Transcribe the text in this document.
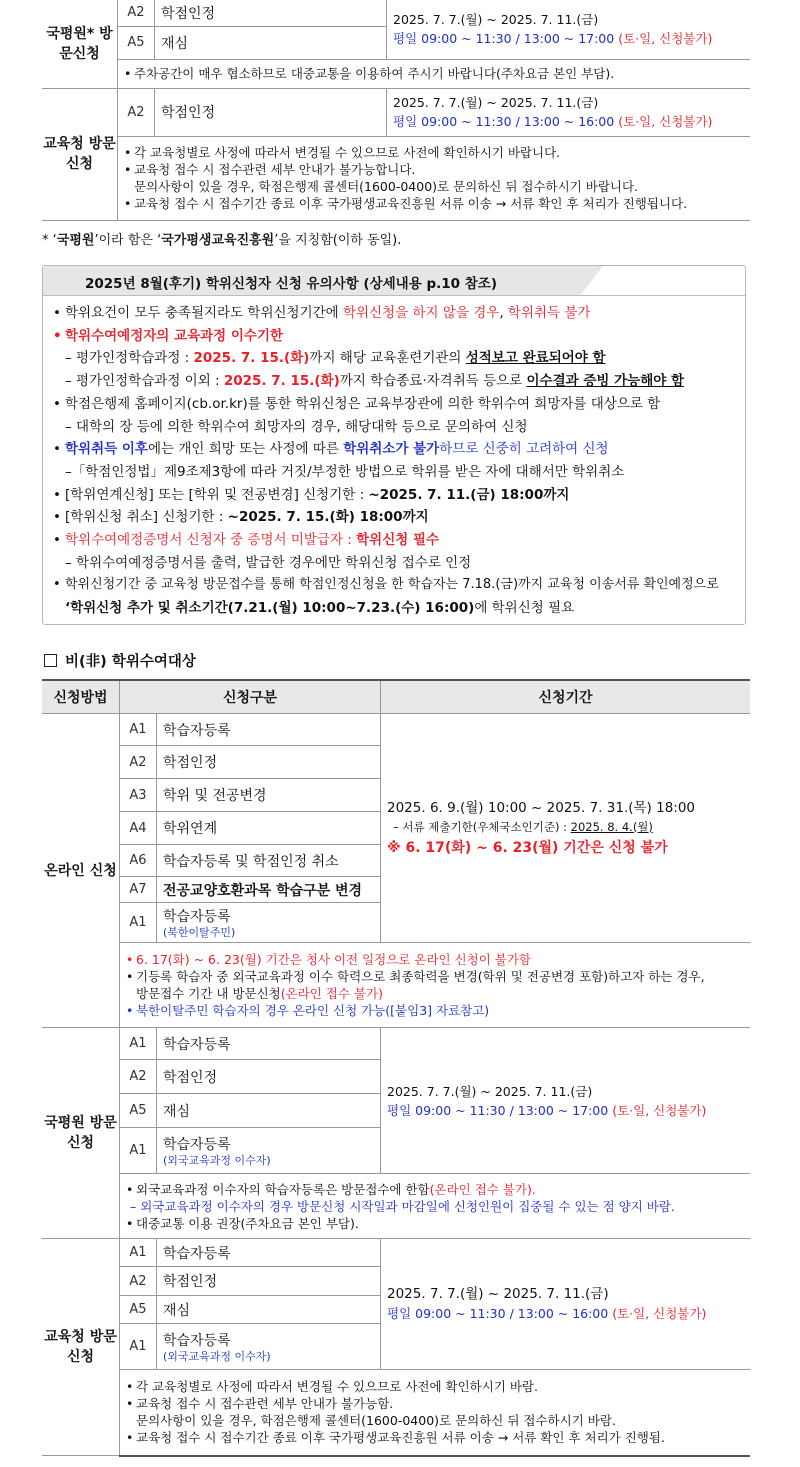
국평원* 방문신청	A2	학점인정	2025. 7. 7.(월) ~ 2025. 7. 11.(금)
평일 09:00 ~ 11:30 / 13:00 ~ 17:00 (토·일, 신청불가)

	A5	재심	

	• 주차공간이 매우 협소하므로 대중교통을 이용하여 주시기 바랍니다(주차요금 본인 부담).

교육청 방문신청	A2	학점인정	2025. 7. 7.(월) ~ 2025. 7. 11.(금)
평일 09:00 ~ 11:30 / 13:00 ~ 16:00 (토·일, 신청불가)

	• 각 교육청별로 사정에 따라서 변경될 수 있으므로 사전에 확인하시기 바랍니다.
• 교육청 접수 시 접수관련 세부 안내가 불가능합니다.
문의사항이 있을 경우, 학점은행제 콜센터(1600-0400)로 문의하신 뒤 접수하시기 바랍니다.
• 교육청 접수 시 접수기간 종료 이후 국가평생교육진흥원 서류 이송 → 서류 확인 후 처리가 진행됩니다.
* ‘국평원’이라 함은 ‘국가평생교육진흥원’을 지칭함(이하 동일).
2025년 8월(후기) 학위신청자 신청 유의사항 (상세내용 p.10 참조)
• 학위요건이 모두 충족될지라도 학위신청기간에 학위신청을 하지 않을 경우, 학위취득 불가
• 학위수여예정자의 교육과정 이수기한
– 평가인정학습과정 : 2025. 7. 15.(화)까지 해당 교육훈련기관의 성적보고 완료되어야 함
– 평가인정학습과정 이외 : 2025. 7. 15.(화)까지 학습종료·자격취득 등으로 이수결과 증빙 가능해야 함
• 학점은행제 홈페이지(cb.or.kr)를 통한 학위신청은 교육부장관에 의한 학위수여 희망자를 대상으로 함
– 대학의 장 등에 의한 학위수여 희망자의 경우, 해당대학 등으로 문의하여 신청
• 학위취득 이후에는 개인 희망 또는 사정에 따른 학위취소가 불가하므로 신중히 고려하여 신청
–「학점인정법」제9조제3항에 따라 거짓/부정한 방법으로 학위를 받은 자에 대해서만 학위취소
• [학위연계신청] 또는 [학위 및 전공변경] 신청기한 : ~2025. 7. 11.(금) 18:00까지
• [학위신청 취소] 신청기한 : ~2025. 7. 15.(화) 18:00까지
• 학위수여예정증명서 신청자 중 증명서 미발급자 : 학위신청 필수
– 학위수여예정증명서를 출력, 발급한 경우에만 학위신청 접수로 인정
• 학위신청기간 중 교육청 방문접수를 통해 학점인정신청을 한 학습자는 7.18.(금)까지 교육청 이송서류 확인예정으로
‘학위신청 추가 및 취소기간(7.21.(월) 10:00~7.23.(수) 16:00)에 학위신청 필요
비(非) 학위수여대상
신청방법	신청구분		신청기간
온라인 신청	A1	학습자등록	2025. 6. 9.(월) 10:00 ~ 2025. 7. 31.(목) 18:00
– 서류 제출기한(우체국소인기준) : 2025. 8. 4.(월)
※ 6. 17(화) ~ 6. 23(월) 기간은 신청 불가

	A2	학점인정	
	A3	학위 및 전공변경	
	A4	학위연계	
	A6	학습자등록 및 학점인정 취소	
	A7	전공교양호환과목 학습구분 변경	
	A1	학습자등록
(북한이탈주민)	

	• 6. 17(화) ~ 6. 23(월) 기간은 청사 이전 일정으로 온라인 신청이 불가함
• 기등록 학습자 중 외국교육과정 이수 학력으로 최종학력을 변경(학위 및 전공변경 포함)하고자 하는 경우,
방문접수 기간 내 방문신청(온라인 접수 불가)
• 북한이탈주민 학습자의 경우 온라인 신청 가능([붙임3] 자료참고)

국평원 방문신청	A1	학습자등록	2025. 7. 7.(월) ~ 2025. 7. 11.(금)
평일 09:00 ~ 11:30 / 13:00 ~ 17:00 (토·일, 신청불가)

	A2	학점인정	
	A5	재심	
	A1	학습자등록
(외국교육과정 이수자)	

	• 외국교육과정 이수자의 학습자등록은 방문접수에 한함(온라인 접수 불가).
– 외국교육과정 이수자의 경우 방문신청 시작일과 마감일에 신청인원이 집중될 수 있는 점 양지 바람.
• 대중교통 이용 권장(주차요금 본인 부담).

교육청 방문신청	A1	학습자등록	2025. 7. 7.(월) ~ 2025. 7. 11.(금)
평일 09:00 ~ 11:30 / 13:00 ~ 16:00 (토·일, 신청불가)

	A2	학점인정	
	A5	재심	
	A1	학습자등록
(외국교육과정 이수자)	

	• 각 교육청별로 사정에 따라서 변경될 수 있으므로 사전에 확인하시기 바람.
• 교육청 접수 시 접수관련 세부 안내가 불가능함.
문의사항이 있을 경우, 학점은행제 콜센터(1600-0400)로 문의하신 뒤 접수하시기 바람.
• 교육청 접수 시 접수기간 종료 이후 국가평생교육진흥원 서류 이송 → 서류 확인 후 처리가 진행됨.
